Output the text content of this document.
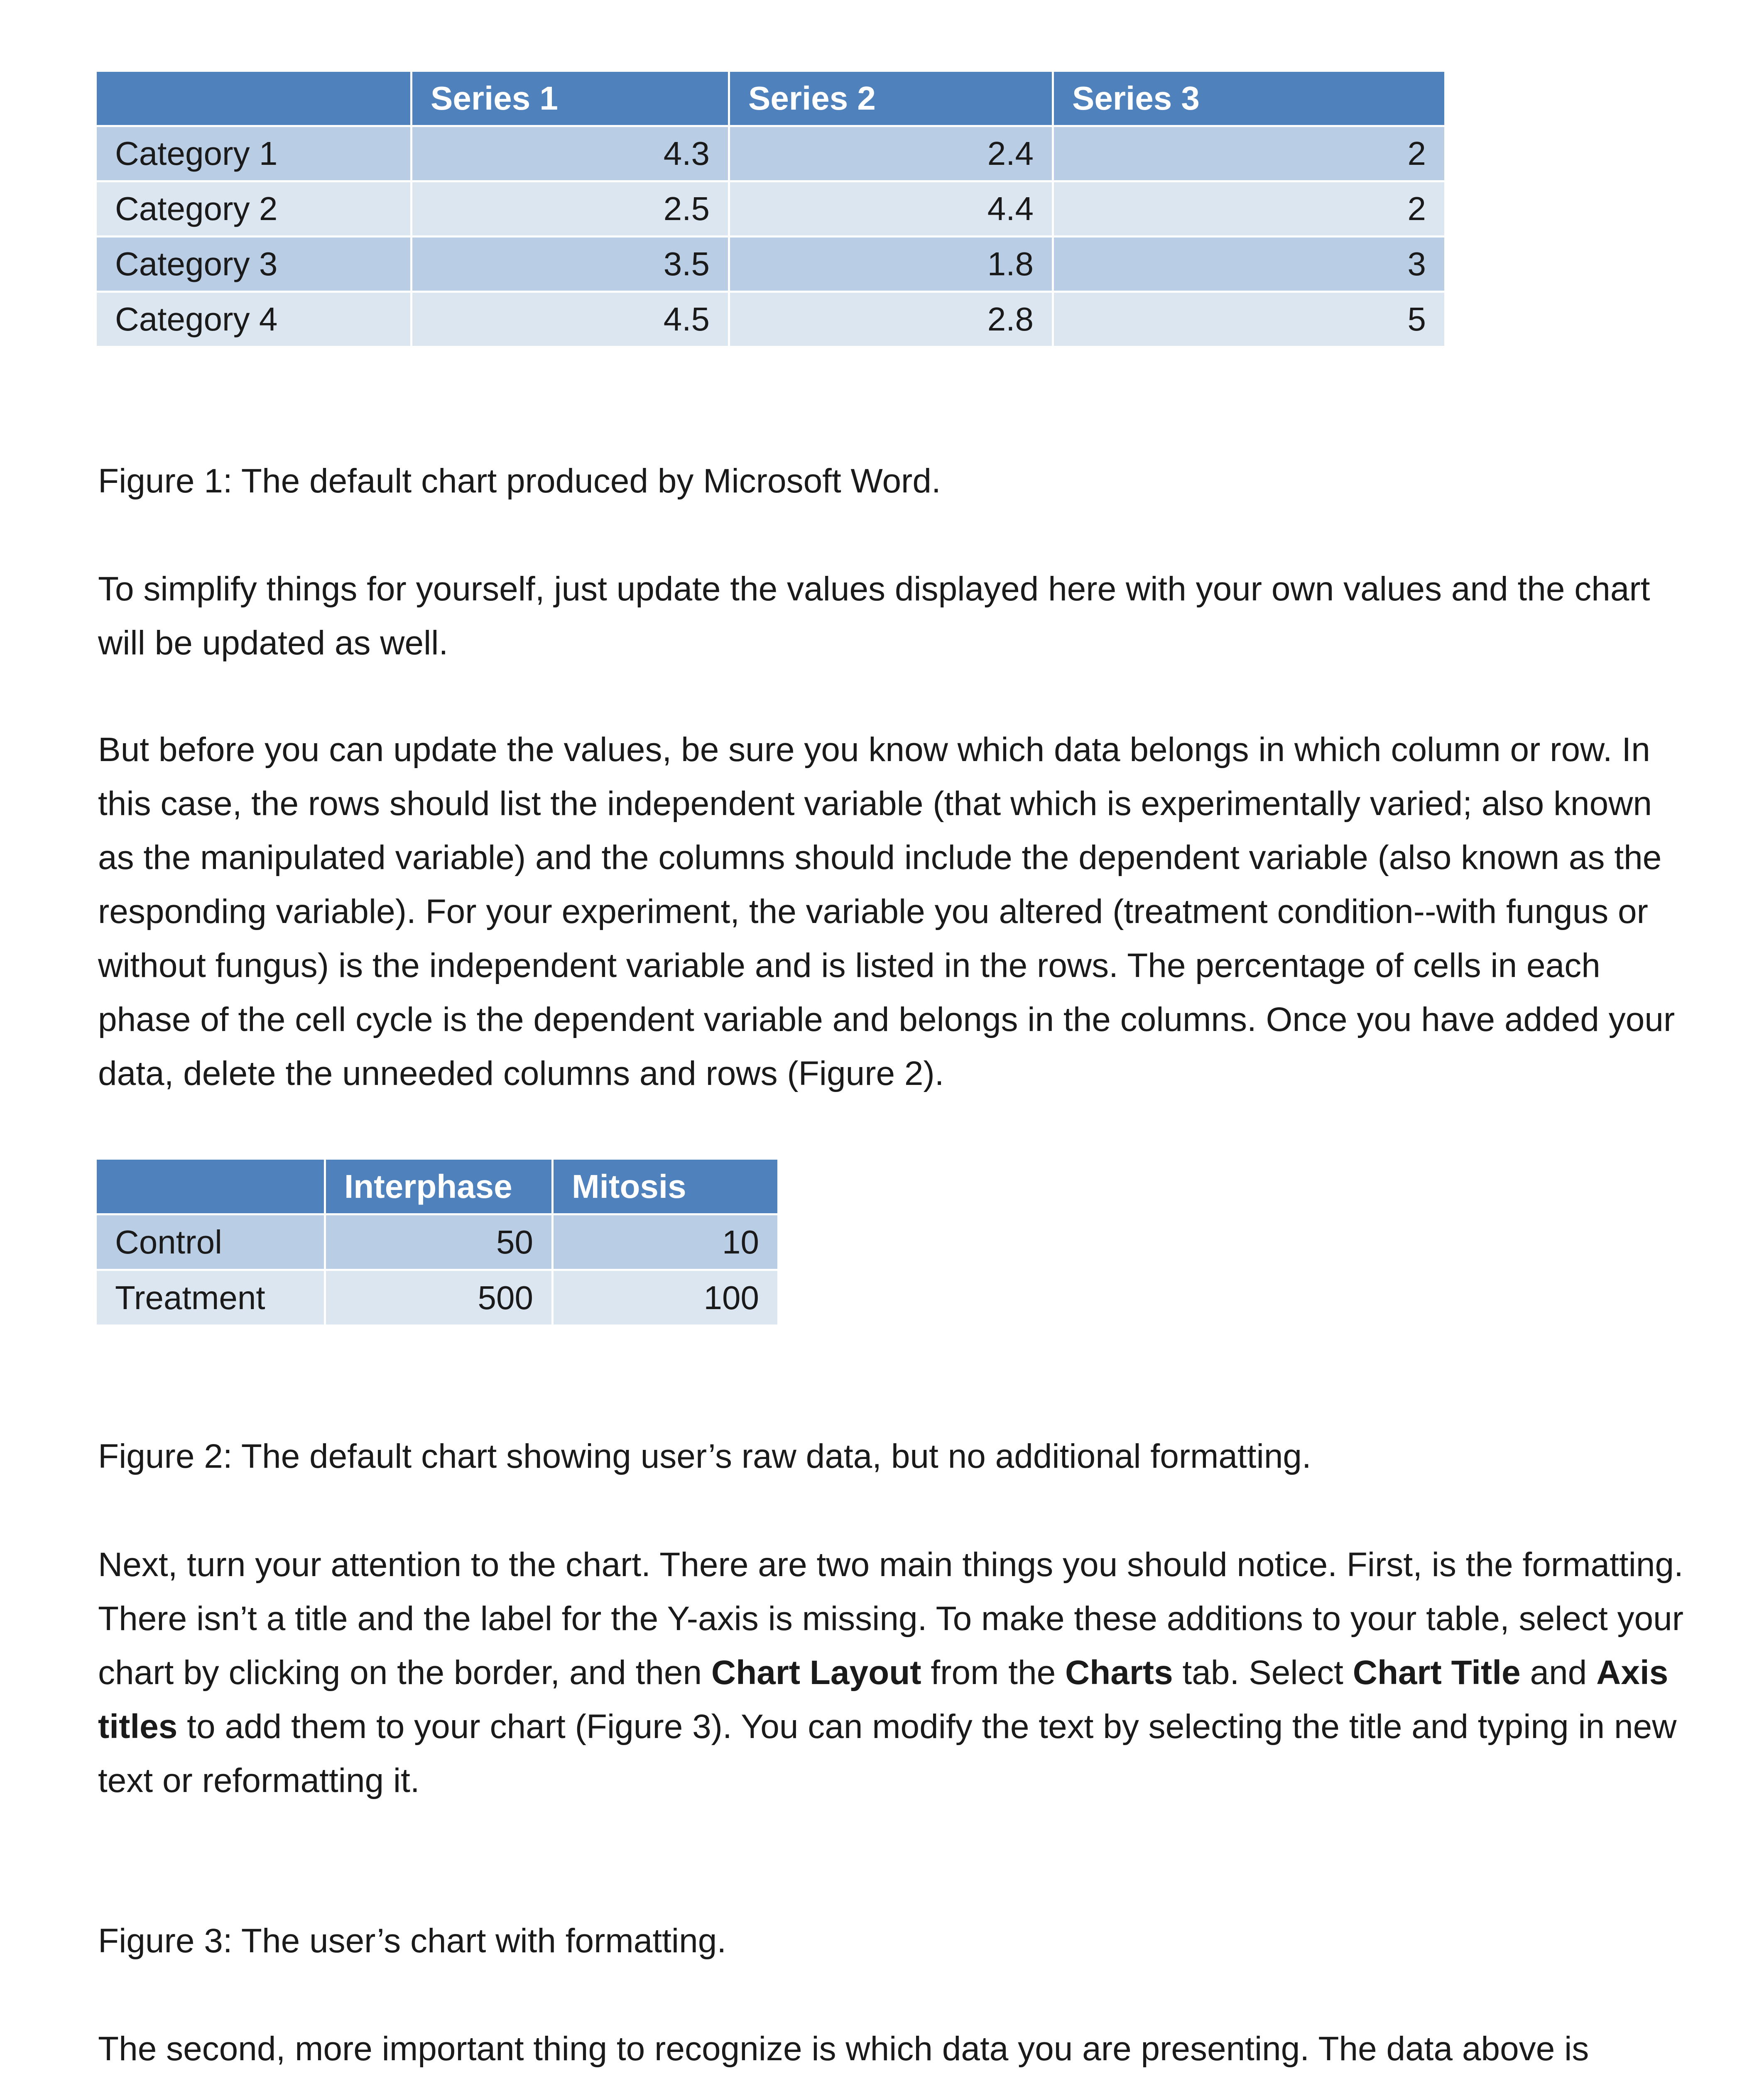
	Series 1	Series 2	Series 3
Category 1	4.3	2.4	2
Category 2	2.5	4.4	2
Category 3	3.5	1.8	3
Category 4	4.5	2.8	5

Figure 1: The default chart produced by Microsoft Word.

To simplify things for yourself, just update the values displayed here with your own values and the chart will be updated as well.

But before you can update the values, be sure you know which data belongs in which column or row. In this case, the rows should list the independent variable (that which is experimentally varied; also known as the manipulated variable) and the columns should include the dependent variable (also known as the responding variable). For your experiment, the variable you altered (treatment condition--with fungus or without fungus) is the independent variable and is listed in the rows. The percentage of cells in each phase of the cell cycle is the dependent variable and belongs in the columns. Once you have added your data, delete the unneeded columns and rows (Figure 2).

	Interphase	Mitosis
Control	50	10
Treatment	500	100

Figure 2: The default chart showing user’s raw data, but no additional formatting.

Next, turn your attention to the chart. There are two main things you should notice. First, is the formatting. There isn’t a title and the label for the Y-axis is missing. To make these additions to your table, select your chart by clicking on the border, and then Chart Layout from the Charts tab. Select Chart Title and Axis titles to add them to your chart (Figure 3). You can modify the text by selecting the title and typing in new text or reformatting it.

Figure 3: The user’s chart with formatting.

The second, more important thing to recognize is which data you are presenting. The data above is
